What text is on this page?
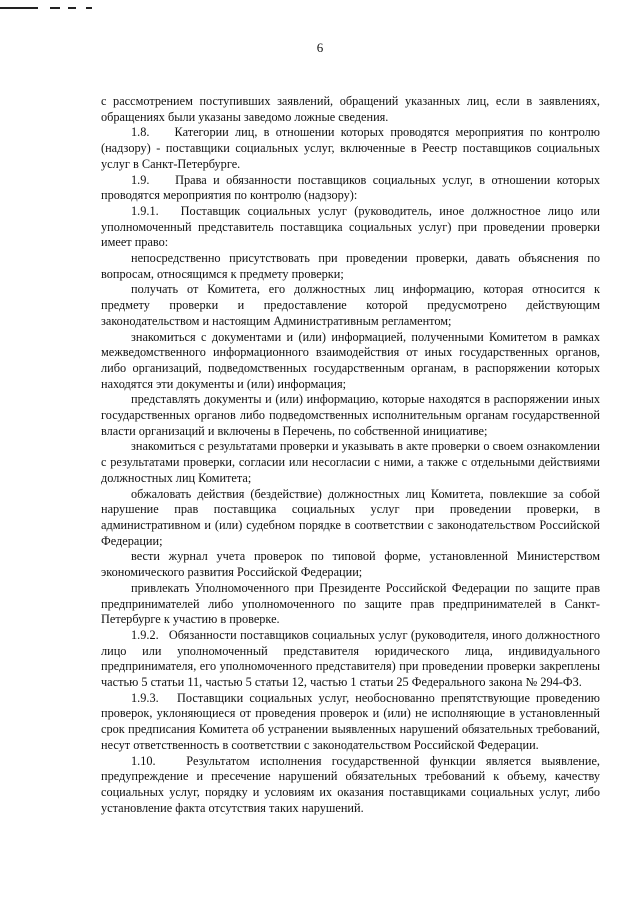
6

с рассмотрением поступивших заявлений, обращений указанных лиц, если в заявлениях, обращениях были указаны заведомо ложные сведения.

1.8.    Категории лиц, в отношении которых проводятся мероприятия по контролю (надзору) - поставщики социальных услуг, включенные в Реестр поставщиков социальных услуг в Санкт-Петербурге.

1.9.    Права и обязанности поставщиков социальных услуг, в отношении которых проводятся мероприятия по контролю (надзору):

1.9.1.   Поставщик социальных услуг (руководитель, иное должностное лицо или уполномоченный представитель поставщика социальных услуг) при проведении проверки имеет право:

непосредственно присутствовать при проведении проверки, давать объяснения по вопросам, относящимся к предмету проверки;

получать от Комитета, его должностных лиц информацию, которая относится к предмету проверки и предоставление которой предусмотрено действующим законодательством и настоящим Административным регламентом;

знакомиться с документами и (или) информацией, полученными Комитетом в рамках межведомственного информационного взаимодействия от иных государственных органов, либо организаций, подведомственных государственным органам, в распоряжении которых находятся эти документы и (или) информация;

представлять документы и (или) информацию, которые находятся в распоряжении иных государственных органов либо подведомственных исполнительным органам государственной власти организаций и включены в Перечень, по собственной инициативе;

знакомиться с результатами проверки и указывать в акте проверки о своем ознакомлении с результатами проверки, согласии или несогласии с ними, а также с отдельными действиями должностных лиц Комитета;

обжаловать действия (бездействие) должностных лиц Комитета, повлекшие за собой нарушение прав поставщика социальных услуг при проведении проверки, в административном и (или) судебном порядке в соответствии с законодательством Российской Федерации;

вести журнал учета проверок по типовой форме, установленной Министерством экономического развития Российской Федерации;

привлекать Уполномоченного при Президенте Российской Федерации по защите прав предпринимателей либо уполномоченного по защите прав предпринимателей в Санкт-Петербурге к участию в проверке.

1.9.2.   Обязанности поставщиков социальных услуг (руководителя, иного должностного лицо или уполномоченный представителя юридического лица, индивидуального предпринимателя, его уполномоченного представителя) при проведении проверки закреплены частью 5 статьи 11, частью 5 статьи 12, частью 1 статьи 25 Федерального закона № 294-ФЗ.

1.9.3.   Поставщики социальных услуг, необоснованно препятствующие проведению проверок, уклоняющиеся от проведения проверок и (или) не исполняющие в установленный срок предписания Комитета об устранении выявленных нарушений обязательных требований, несут ответственность в соответствии с законодательством Российской Федерации.

1.10.   Результатом исполнения государственной функции является выявление, предупреждение и пресечение нарушений обязательных требований к объему, качеству социальных услуг, порядку и условиям их оказания поставщиками социальных услуг, либо установление факта отсутствия таких нарушений.
